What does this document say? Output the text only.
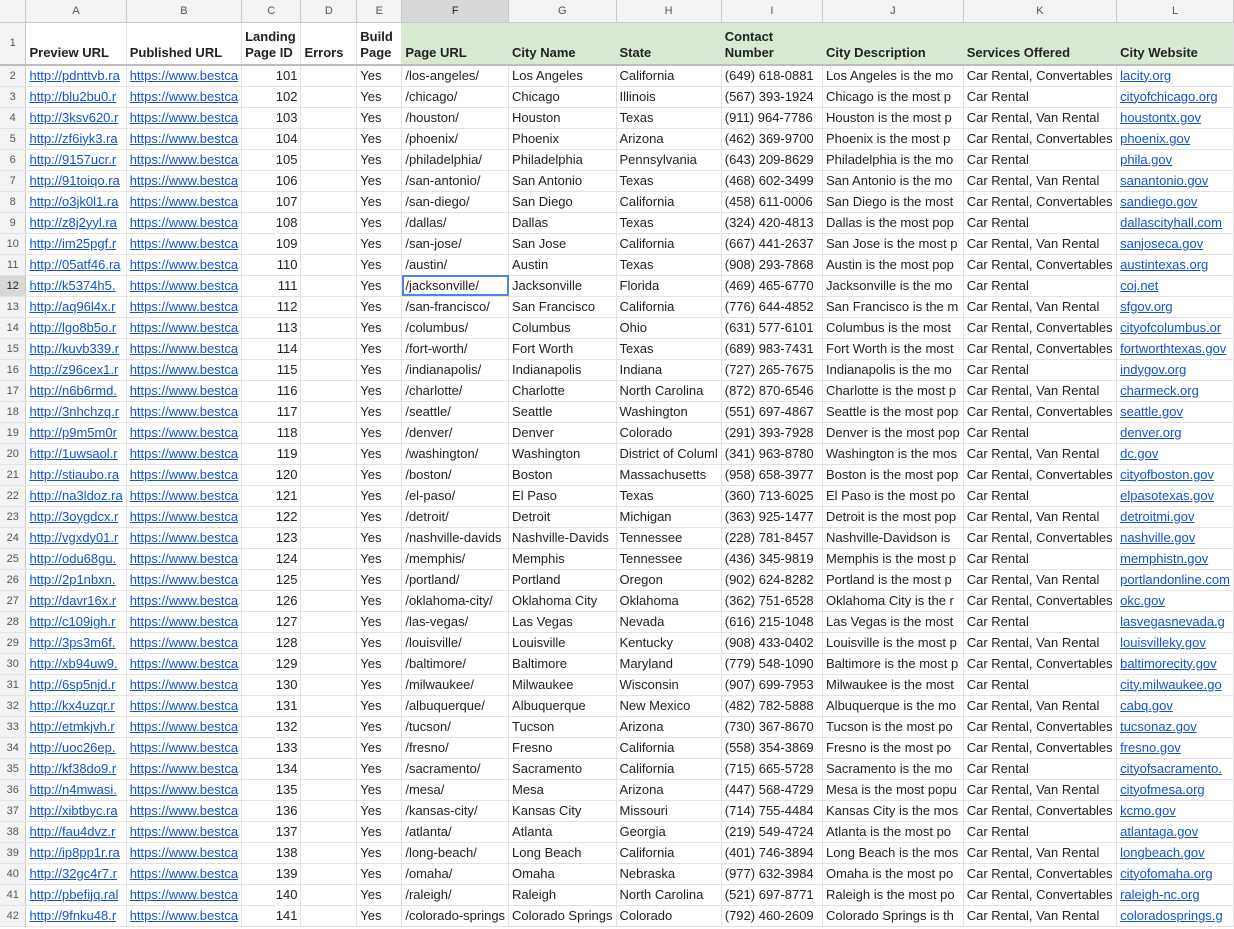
	A	B	C	D	E	F	G	H	I	J	K	L
1	Preview URL	Published URL	Landing Page ID	Errors	Build Page	Page URL	City Name	State	Contact Number	City Description	Services Offered	City Website
2	http://pdnttvb.ra	https://www.bestca	101		Yes	/los-angeles/	Los Angeles	California	(649) 618-0881	Los Angeles is the mo	Car Rental, Convertables	lacity.org
3	http://blu2bu0.r	https://www.bestca	102		Yes	/chicago/	Chicago	Illinois	(567) 393-1924	Chicago is the most p	Car Rental	cityofchicago.org
4	http://3ksv620.r	https://www.bestca	103		Yes	/houston/	Houston	Texas	(911) 964-7786	Houston is the most p	Car Rental, Van Rental	houstontx.gov
5	http://zf6iyk3.ra	https://www.bestca	104		Yes	/phoenix/	Phoenix	Arizona	(462) 369-9700	Phoenix is the most p	Car Rental, Convertables	phoenix.gov
6	http://9157ucr.r	https://www.bestca	105		Yes	/philadelphia/	Philadelphia	Pennsylvania	(643) 209-8629	Philadelphia is the mo	Car Rental	phila.gov
7	http://91toiqo.ra	https://www.bestca	106		Yes	/san-antonio/	San Antonio	Texas	(468) 602-3499	San Antonio is the mo	Car Rental, Van Rental	sanantonio.gov
8	http://o3jk0l1.ra	https://www.bestca	107		Yes	/san-diego/	San Diego	California	(458) 611-0006	San Diego is the most	Car Rental, Convertables	sandiego.gov
9	http://z8j2yyl.ra	https://www.bestca	108		Yes	/dallas/	Dallas	Texas	(324) 420-4813	Dallas is the most pop	Car Rental	dallascityhall.com
10	http://im25pgf.r	https://www.bestca	109		Yes	/san-jose/	San Jose	California	(667) 441-2637	San Jose is the most p	Car Rental, Van Rental	sanjoseca.gov
11	http://05atf46.ra	https://www.bestca	110		Yes	/austin/	Austin	Texas	(908) 293-7868	Austin is the most pop	Car Rental, Convertables	austintexas.org
12	http://k5374h5.	https://www.bestca	111		Yes	/jacksonville/	Jacksonville	Florida	(469) 465-6770	Jacksonville is the mo	Car Rental	coj.net
13	http://aq96l4x.r	https://www.bestca	112		Yes	/san-francisco/	San Francisco	California	(776) 644-4852	San Francisco is the m	Car Rental, Van Rental	sfgov.org
14	http://lgo8b5o.r	https://www.bestca	113		Yes	/columbus/	Columbus	Ohio	(631) 577-6101	Columbus is the most	Car Rental, Convertables	cityofcolumbus.or
15	http://kuvb339.r	https://www.bestca	114		Yes	/fort-worth/	Fort Worth	Texas	(689) 983-7431	Fort Worth is the most	Car Rental, Convertables	fortworthtexas.gov
16	http://z96cex1.r	https://www.bestca	115		Yes	/indianapolis/	Indianapolis	Indiana	(727) 265-7675	Indianapolis is the mo	Car Rental	indygov.org
17	http://n6b6rmd.	https://www.bestca	116		Yes	/charlotte/	Charlotte	North Carolina	(872) 870-6546	Charlotte is the most p	Car Rental, Van Rental	charmeck.org
18	http://3nhchzq.r	https://www.bestca	117		Yes	/seattle/	Seattle	Washington	(551) 697-4867	Seattle is the most pop	Car Rental, Convertables	seattle.gov
19	http://p9m5m0r	https://www.bestca	118		Yes	/denver/	Denver	Colorado	(291) 393-7928	Denver is the most pop	Car Rental	denver.org
20	http://1uwsaol.r	https://www.bestca	119		Yes	/washington/	Washington	District of Columl	(341) 963-8780	Washington is the mos	Car Rental, Van Rental	dc.gov
21	http://stiaubo.ra	https://www.bestca	120		Yes	/boston/	Boston	Massachusetts	(958) 658-3977	Boston is the most pop	Car Rental, Convertables	cityofboston.gov
22	http://na3ldoz.ra	https://www.bestca	121		Yes	/el-paso/	El Paso	Texas	(360) 713-6025	El Paso is the most po	Car Rental	elpasotexas.gov
23	http://3oygdcx.r	https://www.bestca	122		Yes	/detroit/	Detroit	Michigan	(363) 925-1477	Detroit is the most pop	Car Rental, Van Rental	detroitmi.gov
24	http://vgxdy01.r	https://www.bestca	123		Yes	/nashville-davids	Nashville-Davids	Tennessee	(228) 781-8457	Nashville-Davidson is	Car Rental, Convertables	nashville.gov
25	http://odu68gu.	https://www.bestca	124		Yes	/memphis/	Memphis	Tennessee	(436) 345-9819	Memphis is the most p	Car Rental	memphistn.gov
26	http://2p1nbxn.	https://www.bestca	125		Yes	/portland/	Portland	Oregon	(902) 624-8282	Portland is the most p	Car Rental, Van Rental	portlandonline.com
27	http://davr16x.r	https://www.bestca	126		Yes	/oklahoma-city/	Oklahoma City	Oklahoma	(362) 751-6528	Oklahoma City is the r	Car Rental, Convertables	okc.gov
28	http://c109igh.r	https://www.bestca	127		Yes	/las-vegas/	Las Vegas	Nevada	(616) 215-1048	Las Vegas is the most	Car Rental	lasvegasnevada.g
29	http://3ps3m6f.	https://www.bestca	128		Yes	/louisville/	Louisville	Kentucky	(908) 433-0402	Louisville is the most p	Car Rental, Van Rental	louisvilleky.gov
30	http://xb94uw9.	https://www.bestca	129		Yes	/baltimore/	Baltimore	Maryland	(779) 548-1090	Baltimore is the most p	Car Rental, Convertables	baltimorecity.gov
31	http://6sp5njd.r	https://www.bestca	130		Yes	/milwaukee/	Milwaukee	Wisconsin	(907) 699-7953	Milwaukee is the most	Car Rental	city.milwaukee.go
32	http://kx4uzqr.r	https://www.bestca	131		Yes	/albuquerque/	Albuquerque	New Mexico	(482) 782-5888	Albuquerque is the mo	Car Rental, Van Rental	cabq.gov
33	http://etmkjvh.r	https://www.bestca	132		Yes	/tucson/	Tucson	Arizona	(730) 367-8670	Tucson is the most po	Car Rental, Convertables	tucsonaz.gov
34	http://uoc26ep.	https://www.bestca	133		Yes	/fresno/	Fresno	California	(558) 354-3869	Fresno is the most po	Car Rental, Convertables	fresno.gov
35	http://kf38do9.r	https://www.bestca	134		Yes	/sacramento/	Sacramento	California	(715) 665-5728	Sacramento is the mo	Car Rental	cityofsacramento.
36	http://n4mwasi.	https://www.bestca	135		Yes	/mesa/	Mesa	Arizona	(447) 568-4729	Mesa is the most popu	Car Rental, Van Rental	cityofmesa.org
37	http://xibtbyc.ra	https://www.bestca	136		Yes	/kansas-city/	Kansas City	Missouri	(714) 755-4484	Kansas City is the mos	Car Rental, Convertables	kcmo.gov
38	http://fau4dvz.r	https://www.bestca	137		Yes	/atlanta/	Atlanta	Georgia	(219) 549-4724	Atlanta is the most po	Car Rental	atlantaga.gov
39	http://ip8pp1r.ra	https://www.bestca	138		Yes	/long-beach/	Long Beach	California	(401) 746-3894	Long Beach is the mos	Car Rental, Van Rental	longbeach.gov
40	http://32gc4r7.r	https://www.bestca	139		Yes	/omaha/	Omaha	Nebraska	(977) 632-3984	Omaha is the most po	Car Rental, Convertables	cityofomaha.org
41	http://pbefijq.ral	https://www.bestca	140		Yes	/raleigh/	Raleigh	North Carolina	(521) 697-8771	Raleigh is the most po	Car Rental, Convertables	raleigh-nc.org
42	http://9fnku48.r	https://www.bestca	141		Yes	/colorado-springs	Colorado Springs	Colorado	(792) 460-2609	Colorado Springs is th	Car Rental, Van Rental	coloradosprings.g
